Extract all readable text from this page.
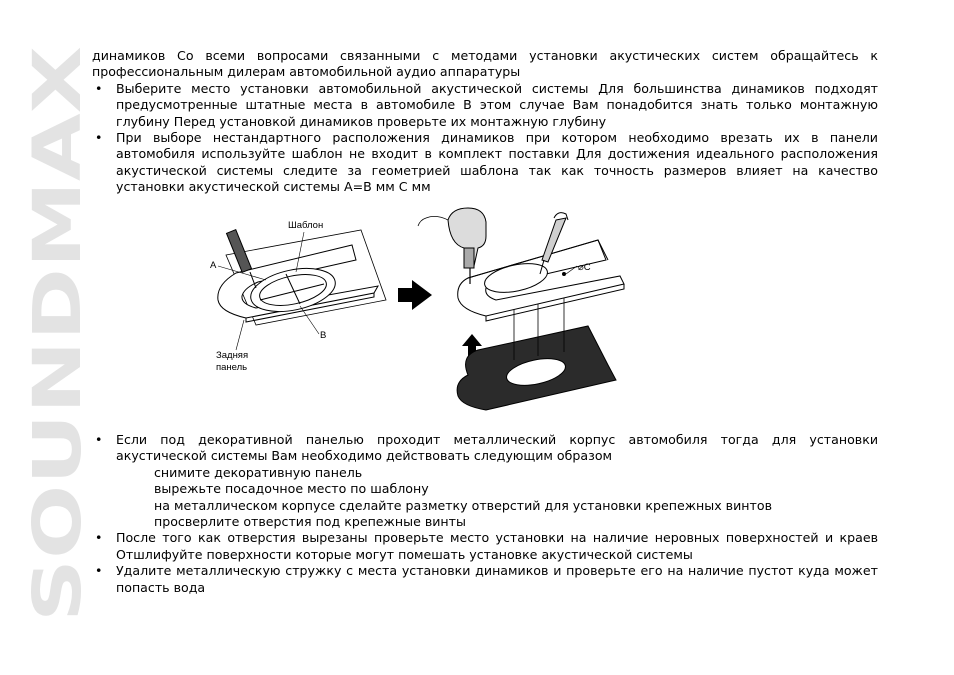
SOUNDMAX

динамиков Со всеми вопросами связанными с методами установки акустических систем обращайтесь к профессиональным дилерам автомобильной аудио аппаратуры

• Выберите место установки автомобильной акустической системы Для большинства динамиков подходят предусмотренные штатные места в автомобиле В этом случае Вам понадобится знать только монтажную глубину Перед установкой динамиков проверьте их монтажную глубину

• При выборе нестандартного расположения динамиков при котором необходимо врезать их в панели автомобиля используйте шаблон не входит в комплект поставки Для достижения идеального расположения акустической системы следите за геометрией шаблона так как точность размеров влияет на качество установки акустической системы A=B мм C мм

Шаблон
A
B
Задняя
панель
⌀C

• Если под декоративной панелью проходит металлический корпус автомобиля тогда для установки акустической системы Вам необходимо действовать следующим образом

снимите декоративную панель

вырежьте посадочное место по шаблону

на металлическом корпусе сделайте разметку отверстий для установки крепежных винтов

просверлите отверстия под крепежные винты

• После того как отверстия вырезаны проверьте место установки на наличие неровных поверхностей и краев Отшлифуйте поверхности которые могут помешать установке акустической системы

• Удалите металлическую стружку с места установки динамиков и проверьте его на наличие пустот куда может попасть вода
